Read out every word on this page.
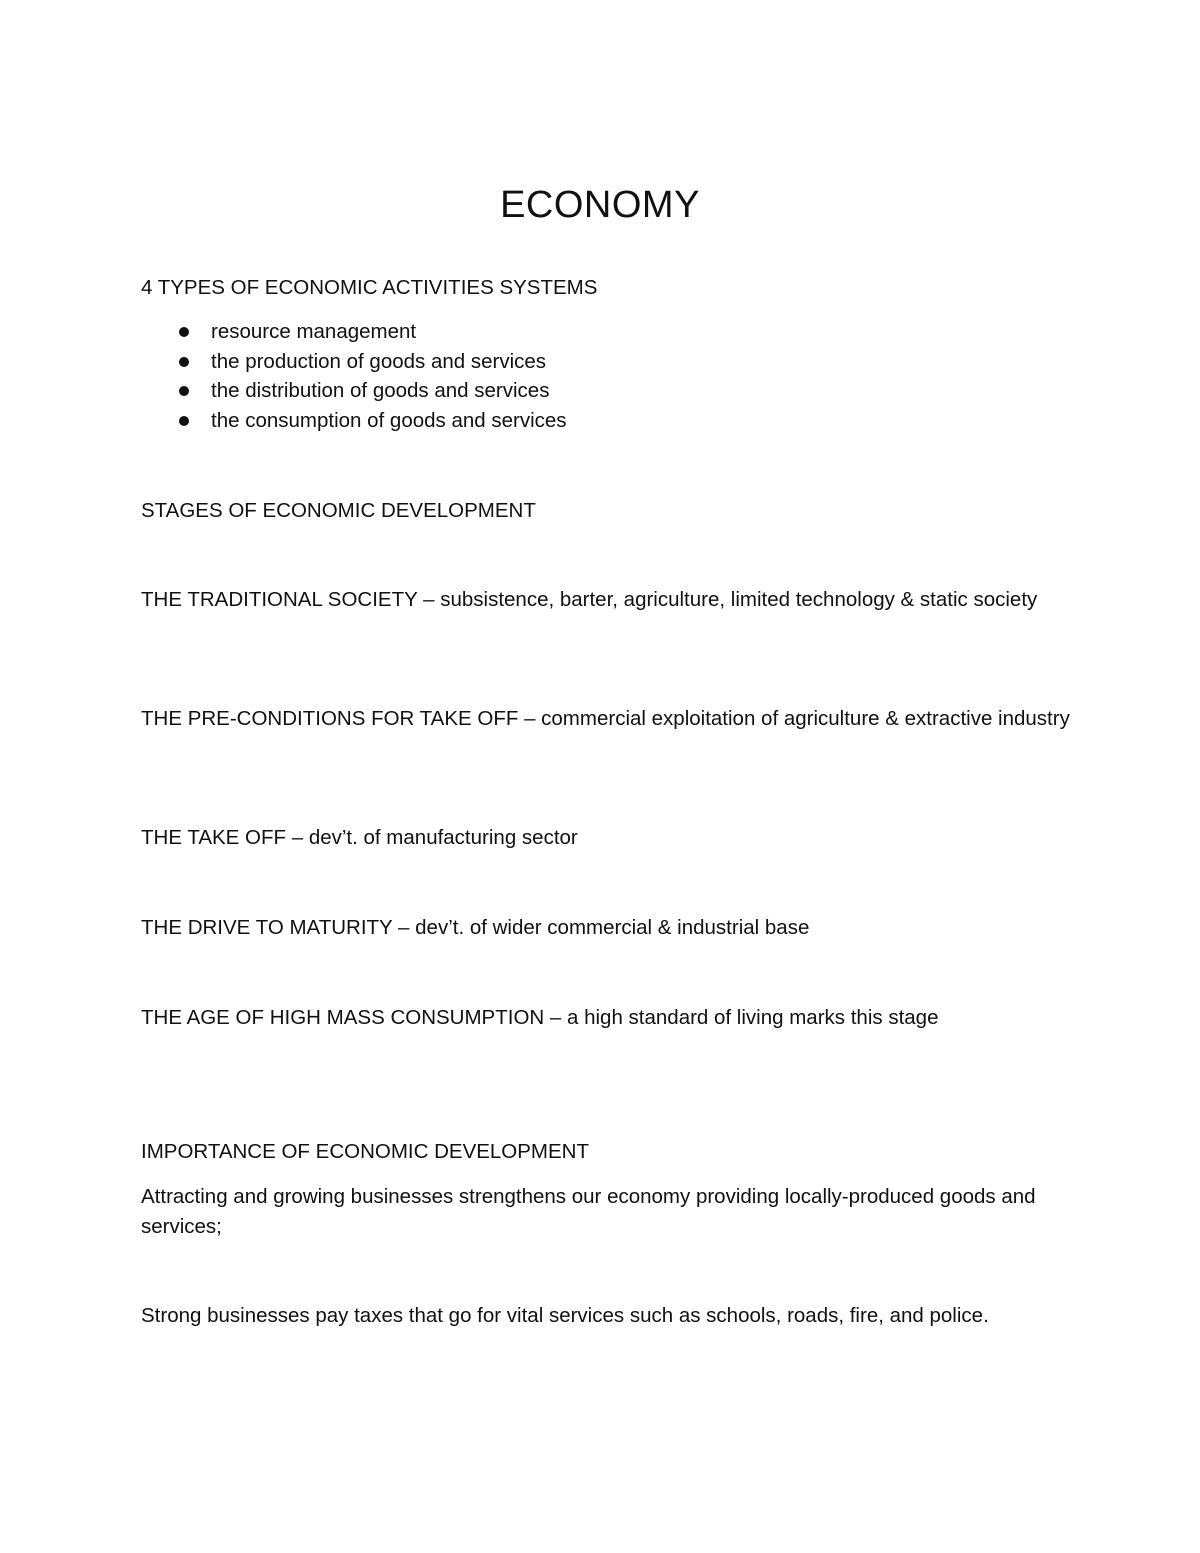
ECONOMY

4 TYPES OF ECONOMIC ACTIVITIES SYSTEMS

resource management
the production of goods and services
the distribution of goods and services
the consumption of goods and services

STAGES OF ECONOMIC DEVELOPMENT

THE TRADITIONAL SOCIETY – subsistence, barter, agriculture, limited technology & static society

THE PRE-CONDITIONS FOR TAKE OFF – commercial exploitation of agriculture & extractive industry

THE TAKE OFF – dev’t. of manufacturing sector

THE DRIVE TO MATURITY – dev’t. of wider commercial & industrial base

THE AGE OF HIGH MASS CONSUMPTION – a high standard of living marks this stage

IMPORTANCE OF ECONOMIC DEVELOPMENT

Attracting and growing businesses strengthens our economy providing locally-produced goods and services;

Strong businesses pay taxes that go for vital services such as schools, roads, fire, and police.
